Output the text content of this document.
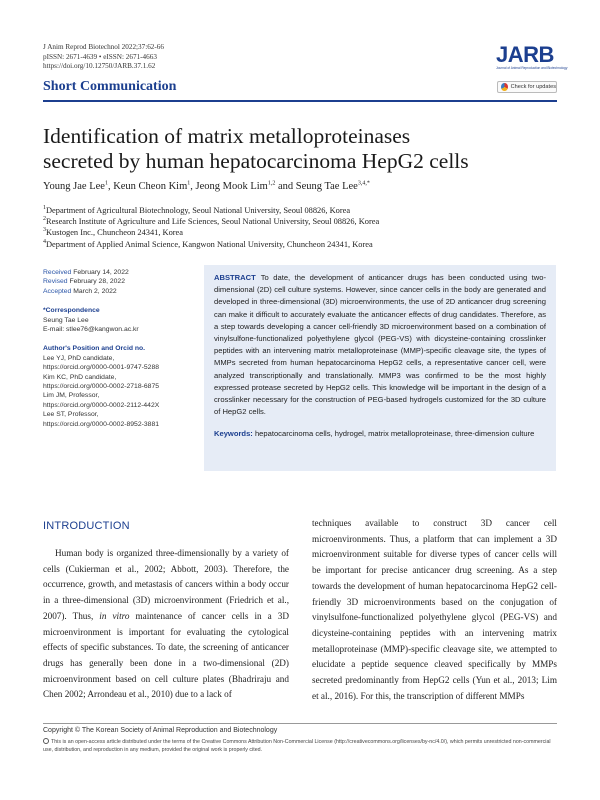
J Anim Reprod Biotechnol 2022;37:62-66
pISSN: 2671-4639 • eISSN: 2671-4663
https://doi.org/10.12750/JARB.37.1.62	JARB
Journal of Animal Reproduction and Biotechnology
Check for updates
Short Communication
Identification of matrix metalloproteinases
secreted by human hepatocarcinoma HepG2 cells
Young Jae Lee$^1$, Keun Cheon Kim$^1$, Jeong Mook Lim$^{1,2}$ and Seung Tae Lee$^{3,4,*}$
$^1$Department of Agricultural Biotechnology, Seoul National University, Seoul 08826, Korea
$^2$Research Institute of Agriculture and Life Sciences, Seoul National University, Seoul 08826, Korea
$^3$Kustogen Inc., Chuncheon 24341, Korea
$^4$Department of Applied Animal Science, Kangwon National University, Chuncheon 24341, Korea
Received February 14, 2022
Revised February 28, 2022
Accepted March 2, 2022
*Correspondence
Seung Tae Lee
E-mail: stlee76@kangwon.ac.kr
Author's Position and Orcid no.
Lee YJ, PhD candidate,
https://orcid.org/0000-0001-9747-5288
Kim KC, PhD candidate,
https://orcid.org/0000-0002-2718-6875
Lim JM, Professor,
https://orcid.org/0000-0002-2112-442X
Lee ST, Professor,
https://orcid.org/0000-0002-8952-3881

ABSTRACT To date, the development of anticancer drugs has been conducted using two-dimensional (2D) cell culture systems. However, since cancer cells in the body are generated and developed in three-dimensional (3D) microenvironments, the use of 2D anticancer drug screening can make it difficult to accurately evaluate the anticancer effects of drug candidates. Therefore, as a step towards developing a cancer cell-friendly 3D microenvironment based on a combination of vinylsulfone-functionalized polyethylene glycol (PEG-VS) with dicysteine-containing crosslinker peptides with an intervening matrix metalloproteinase (MMP)-specific cleavage site, the types of MMPs secreted from human hepatocarcinoma HepG2 cells, a representative cancer cell, were analyzed transcriptionally and translationally. MMP3 was confirmed to be the most highly expressed protease secreted by HepG2 cells. This knowledge will be important in the design of a crosslinker necessary for the construction of PEG-based hydrogels customized for the 3D culture of HepG2 cells.

Keywords: hepatocarcinoma cells, hydrogel, matrix metalloproteinase, three-dimension culture

INTRODUCTION
Human body is organized three-dimensionally by a variety of cells (Cukierman et al., 2002; Abbott, 2003). Therefore, the occurrence, growth, and metastasis of cancers within a body occur in a three-dimensional (3D) microenvironment (Friedrich et al., 2007). Thus, in vitro maintenance of cancer cells in a 3D microenvironment is important for evaluating the cytological effects of specific substances. To date, the screening of anticancer drugs has generally been done in a two-dimensional (2D) microenvironment based on cell culture plates (Bhadriraju and Chen 2002; Arrondeau et al., 2010) due to a lack of

techniques available to construct 3D cancer cell microenvironments. Thus, a platform that can implement a 3D microenvironment suitable for diverse types of cancer cells will be important for precise anticancer drug screening. As a step towards the development of human hepatocarcinoma HepG2 cell-friendly 3D microenvironments based on the conjugation of vinylsulfone-functionalized polyethylene glycol (PEG-VS) and dicysteine-containing peptides with an intervening matrix metalloproteinase (MMP)-specific cleavage site, we attempted to elucidate a peptide sequence cleaved specifically by MMPs secreted predominantly from HepG2 cells (Yun et al., 2013; Lim et al., 2016). For this, the transcription of different MMPs

Copyright © The Korean Society of Animal Reproduction and Biotechnology
This is an open-access article distributed under the terms of the Creative Commons Attribution Non-Commercial License (http://creativecommons.org/licenses/by-nc/4.0/), which permits unrestricted non-commercial use, distribution, and reproduction in any medium, provided the original work is properly cited.
